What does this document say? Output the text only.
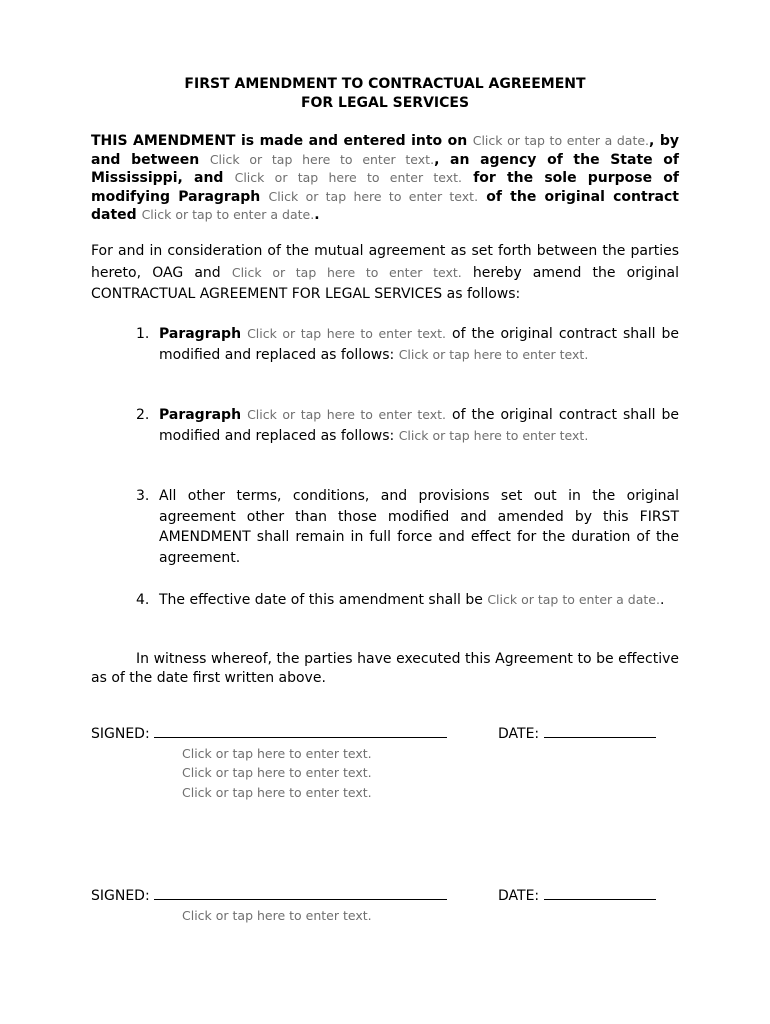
FIRST AMENDMENT TO CONTRACTUAL AGREEMENT
FOR LEGAL SERVICES
THIS AMENDMENT is made and entered into on Click or tap to enter a date., by and between Click or tap here to enter text., an agency of the State of Mississippi, and Click or tap here to enter text. for the sole purpose of modifying Paragraph Click or tap here to enter text. of the original contract dated Click or tap to enter a date..
For and in consideration of the mutual agreement as set forth between the parties hereto, OAG and Click or tap here to enter text. hereby amend the original CONTRACTUAL AGREEMENT FOR LEGAL SERVICES as follows:
1. Paragraph Click or tap here to enter text. of the original contract shall be modified and replaced as follows: Click or tap here to enter text.
2. Paragraph Click or tap here to enter text. of the original contract shall be modified and replaced as follows: Click or tap here to enter text.
3. All other terms, conditions, and provisions set out in the original agreement other than those modified and amended by this FIRST AMENDMENT shall remain in full force and effect for the duration of the agreement.
4. The effective date of this amendment shall be Click or tap to enter a date..
In witness whereof, the parties have executed this Agreement to be effective as of the date first written above.
SIGNED:	DATE:
Click or tap here to enter text.
Click or tap here to enter text.
Click or tap here to enter text.
SIGNED:	DATE:
Click or tap here to enter text.
